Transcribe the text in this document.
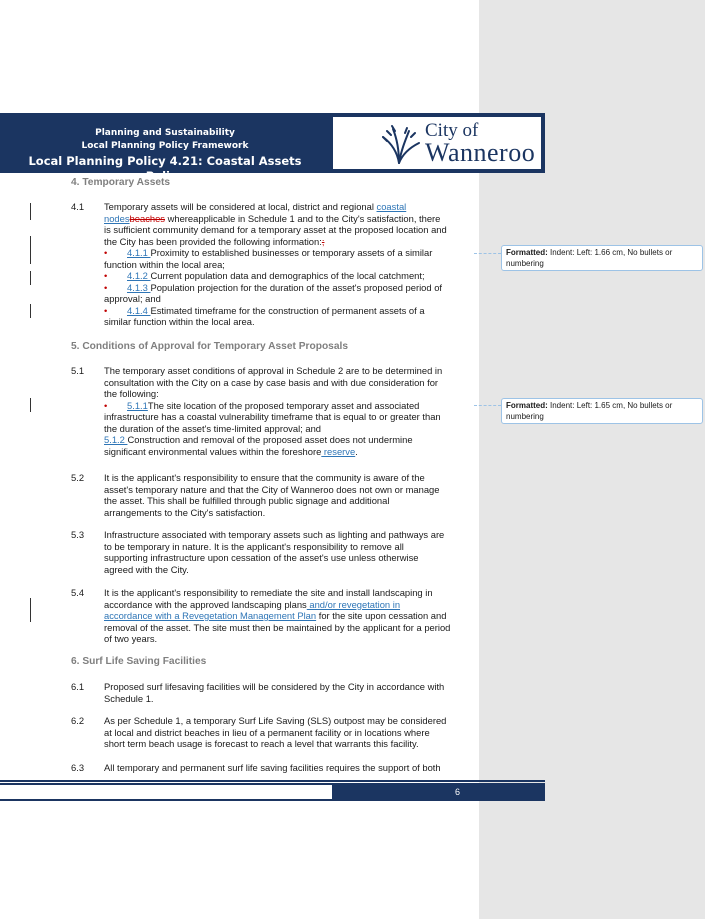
Planning and Sustainability
Local Planning Policy Framework
Local Planning Policy 4.21: Coastal Assets Policy
City of
Wanneroo
4. Temporary Assets
4.1 Temporary assets will be considered at local, district and regional coastal
nodesbeaches whereapplicable in Schedule 1 and to the City's satisfaction, there
is sufficient community demand for a temporary asset at the proposed location and
the City has been provided the following information:;
• 4.1.1 Proximity to established businesses or temporary assets of a similar
function within the local area;
• 4.1.2 Current population data and demographics of the local catchment;
• 4.1.3 Population projection for the duration of the asset's proposed period of
approval; and
• 4.1.4 Estimated timeframe for the construction of permanent assets of a
similar function within the local area.
5. Conditions of Approval for Temporary Asset Proposals
5.1 The temporary asset conditions of approval in Schedule 2 are to be determined in
consultation with the City on a case by case basis and with due consideration for
the following:
• 5.1.1The site location of the proposed temporary asset and associated
infrastructure has a coastal vulnerability timeframe that is equal to or greater than
the duration of the asset's time-limited approval; and
5.1.2 Construction and removal of the proposed asset does not undermine
significant environmental values within the foreshore reserve.
5.2 It is the applicant's responsibility to ensure that the community is aware of the
asset's temporary nature and that the City of Wanneroo does not own or manage
the asset. This shall be fulfilled through public signage and additional
arrangements to the City's satisfaction.
5.3 Infrastructure associated with temporary assets such as lighting and pathways are
to be temporary in nature. It is the applicant's responsibility to remove all
supporting infrastructure upon cessation of the asset's use unless otherwise
agreed with the City.
5.4 It is the applicant's responsibility to remediate the site and install landscaping in
accordance with the approved landscaping plans and/or revegetation in
accordance with a Revegetation Management Plan for the site upon cessation and
removal of the asset. The site must then be maintained by the applicant for a period
of two years.
6. Surf Life Saving Facilities
6.1 Proposed surf lifesaving facilities will be considered by the City in accordance with
Schedule 1.
6.2 As per Schedule 1, a temporary Surf Life Saving (SLS) outpost may be considered
at local and district beaches in lieu of a permanent facility or in locations where
short term beach usage is forecast to reach a level that warrants this facility.
6.3 All temporary and permanent surf life saving facilities requires the support of both
Formatted: Indent: Left: 1.66 cm, No bullets or numbering
Formatted: Indent: Left: 1.65 cm, No bullets or numbering
6
